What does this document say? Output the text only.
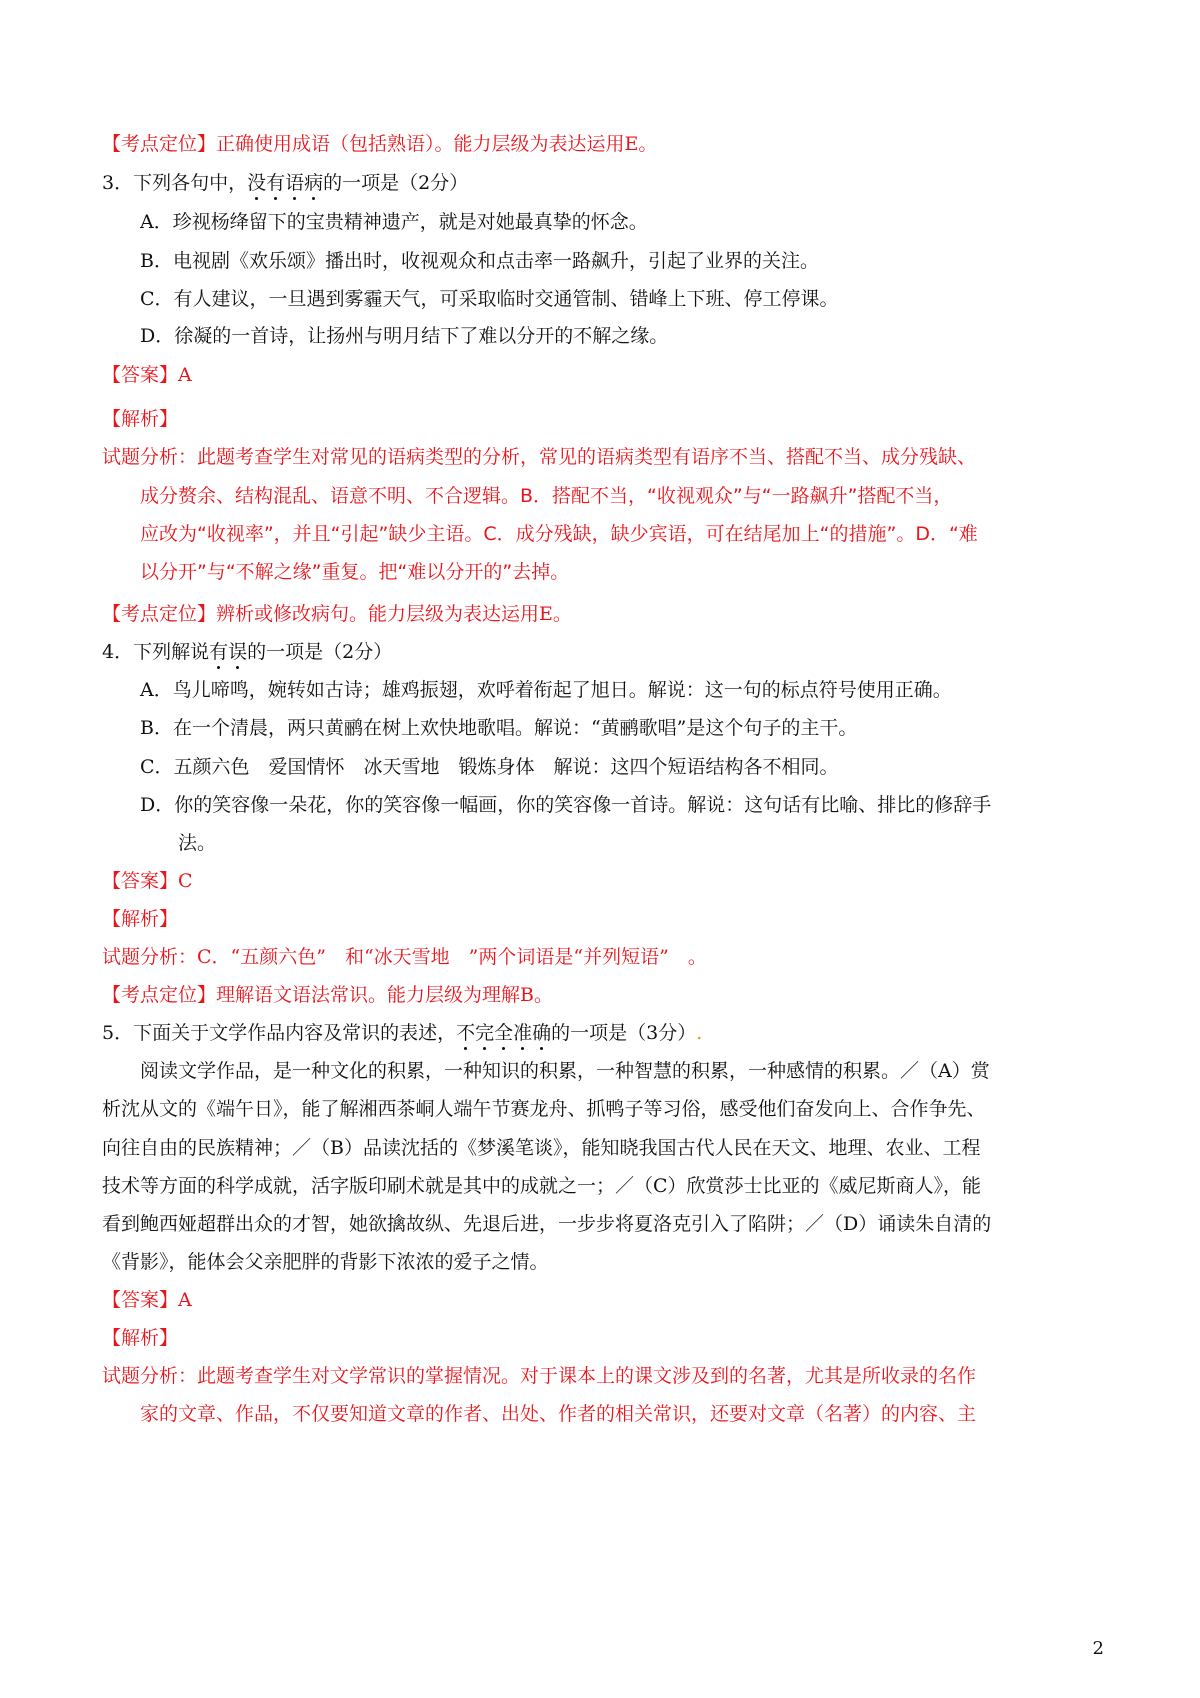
【考点定位】正确使用成语（包括熟语）。能力层级为表达运用E。
3．下列各句中，没有语病的一项是（2分）
A．珍视杨绛留下的宝贵精神遗产，就是对她最真挚的怀念。
B．电视剧《欢乐颂》播出时，收视观众和点击率一路飙升，引起了业界的关注。
C．有人建议，一旦遇到雾霾天气，可采取临时交通管制、错峰上下班、停工停课。
D．徐凝的一首诗，让扬州与明月结下了难以分开的不解之缘。
【答案】A
【解析】
试题分析：此题考查学生对常见的语病类型的分析，常见的语病类型有语序不当、搭配不当、成分残缺、
成分赘余、结构混乱、语意不明、不合逻辑。B．搭配不当，“收视观众”与“一路飙升”搭配不当，
应改为“收视率”，并且“引起”缺少主语。C．成分残缺，缺少宾语，可在结尾加上“的措施”。D．“难
以分开”与“不解之缘”重复。把“难以分开的”去掉。
【考点定位】辨析或修改病句。能力层级为表达运用E。
4．下列解说有误的一项是（2分）
A．鸟儿啼鸣，婉转如古诗；雄鸡振翅，欢呼着衔起了旭日。解说：这一句的标点符号使用正确。
B．在一个清晨，两只黄鹂在树上欢快地歌唱。解说：“黄鹂歌唱”是这个句子的主干。
C．五颜六色　爱国情怀　冰天雪地　锻炼身体　解说：这四个短语结构各不相同。
D．你的笑容像一朵花，你的笑容像一幅画，你的笑容像一首诗。解说：这句话有比喻、排比的修辞手
法。
【答案】C
【解析】
试题分析：C．“五颜六色”　和“冰天雪地　”两个词语是“并列短语”　。
【考点定位】理解语文语法常识。能力层级为理解B。
5．下面关于文学作品内容及常识的表述，不完全准确的一项是（3分）.
阅读文学作品，是一种文化的积累，一种知识的积累，一种智慧的积累，一种感情的积累。／（A）赏
析沈从文的《端午日》，能了解湘西茶峒人端午节赛龙舟、抓鸭子等习俗，感受他们奋发向上、合作争先、
向往自由的民族精神；／（B）品读沈括的《梦溪笔谈》，能知晓我国古代人民在天文、地理、农业、工程
技术等方面的科学成就，活字版印刷术就是其中的成就之一；／（C）欣赏莎士比亚的《威尼斯商人》，能
看到鲍西娅超群出众的才智，她欲擒故纵、先退后进，一步步将夏洛克引入了陷阱；／（D）诵读朱自清的
《背影》，能体会父亲肥胖的背影下浓浓的爱子之情。
【答案】A
【解析】
试题分析：此题考查学生对文学常识的掌握情况。对于课本上的课文涉及到的名著，尤其是所收录的名作
家的文章、作品，不仅要知道文章的作者、出处、作者的相关常识，还要对文章（名著）的内容、主
2
